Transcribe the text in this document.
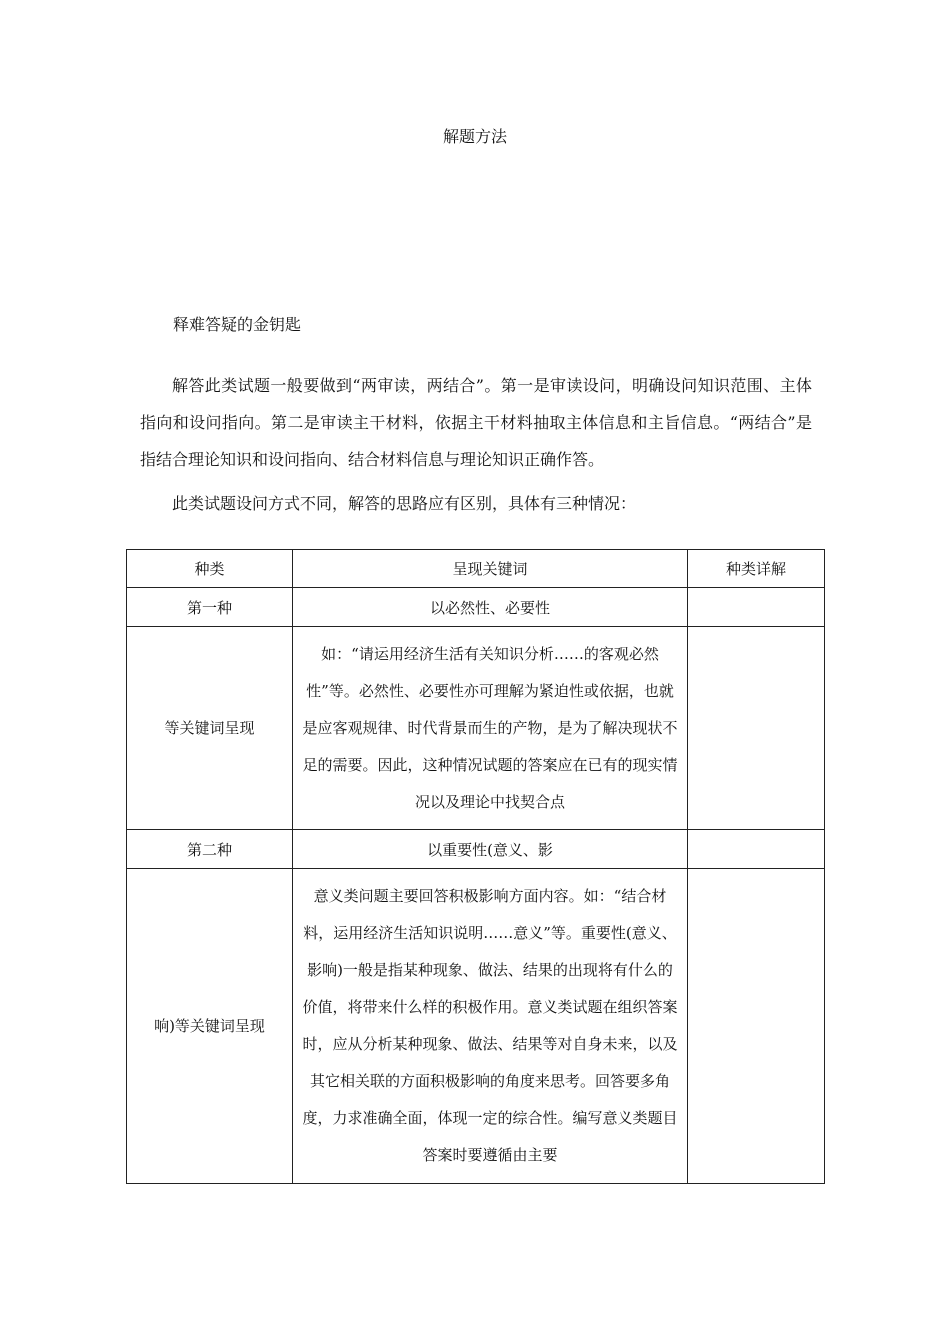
解题方法
释难答疑的金钥匙

解答此类试题一般要做到“两审读，两结合”。第一是审读设问，明确设问知识范围、主体指向和设问指向。第二是审读主干材料，依据主干材料抽取主体信息和主旨信息。“两结合”是指结合理论知识和设问指向、结合材料信息与理论知识正确作答。

此类试题设问方式不同，解答的思路应有区别，具体有三种情况：

种类	呈现关键词	种类详解
第一种	以必然性、必要性	
等关键词呈现	如：“请运用经济生活有关知识分析……的客观必然性”等。必然性、必要性亦可理解为紧迫性或依据，也就是应客观规律、时代背景而生的产物，是为了解决现状不足的需要。因此，这种情况试题的答案应在已有的现实情况以及理论中找契合点	
第二种	以重要性(意义、影	
响)等关键词呈现	意义类问题主要回答积极影响方面内容。如：“结合材料，运用经济生活知识说明……意义”等。重要性(意义、影响)一般是指某种现象、做法、结果的出现将有什么的价值，将带来什么样的积极作用。意义类试题在组织答案时，应从分析某种现象、做法、结果等对自身未来，以及其它相关联的方面积极影响的角度来思考。回答要多角度，力求准确全面，体现一定的综合性。编写意义类题目答案时要遵循由主要	
